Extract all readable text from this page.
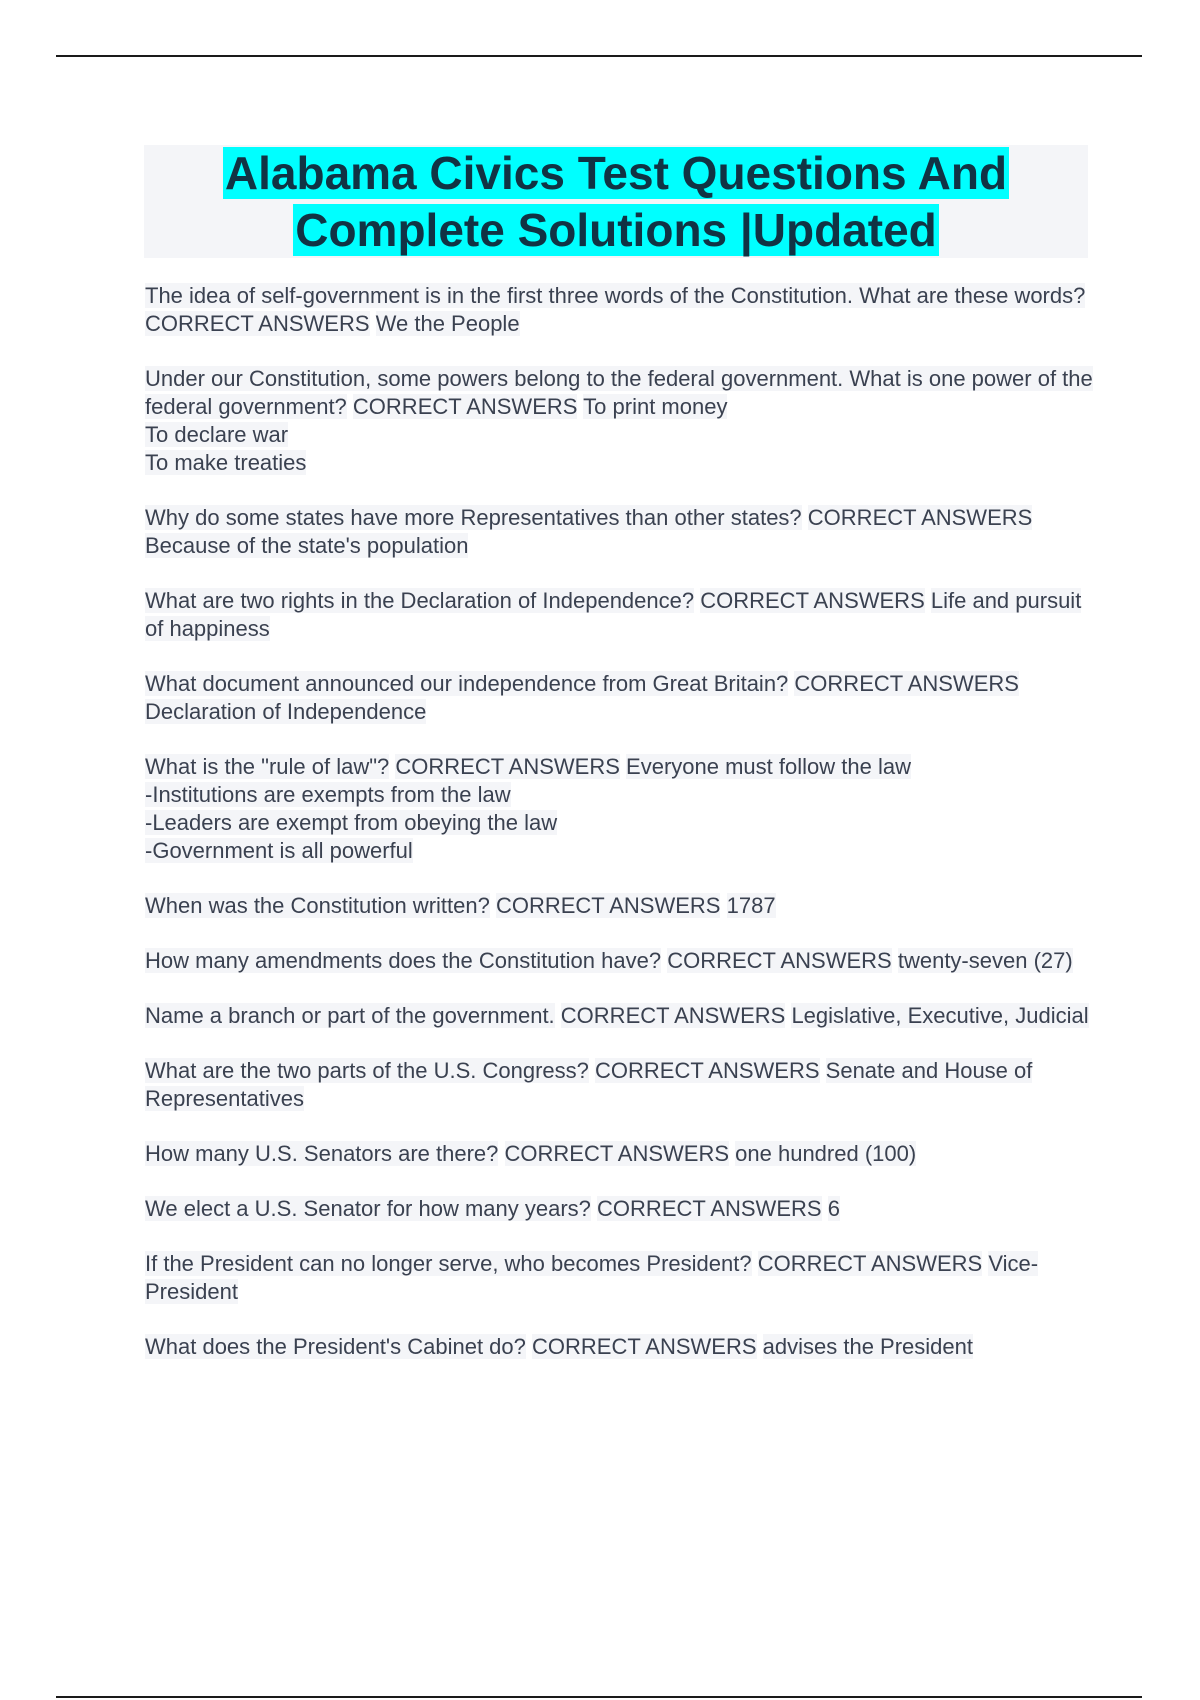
Alabama Civics Test Questions And

Complete Solutions |Updated

The idea of self-government is in the first three words of the Constitution. What are these words? CORRECT ANSWERS We the People

Under our Constitution, some powers belong to the federal government. What is one power of the federal government? CORRECT ANSWERS To print money
To declare war
To make treaties

Why do some states have more Representatives than other states? CORRECT ANSWERS Because of the state's population

What are two rights in the Declaration of Independence? CORRECT ANSWERS Life and pursuit of happiness

What document announced our independence from Great Britain? CORRECT ANSWERS Declaration of Independence

What is the "rule of law"? CORRECT ANSWERS Everyone must follow the law
-Institutions are exempts from the law
-Leaders are exempt from obeying the law
-Government is all powerful

When was the Constitution written? CORRECT ANSWERS 1787

How many amendments does the Constitution have? CORRECT ANSWERS twenty-seven (27)

Name a branch or part of the government. CORRECT ANSWERS Legislative, Executive, Judicial

What are the two parts of the U.S. Congress? CORRECT ANSWERS Senate and House of Representatives

How many U.S. Senators are there? CORRECT ANSWERS one hundred (100)

We elect a U.S. Senator for how many years? CORRECT ANSWERS 6

If the President can no longer serve, who becomes President? CORRECT ANSWERS Vice-President

What does the President's Cabinet do? CORRECT ANSWERS advises the President
